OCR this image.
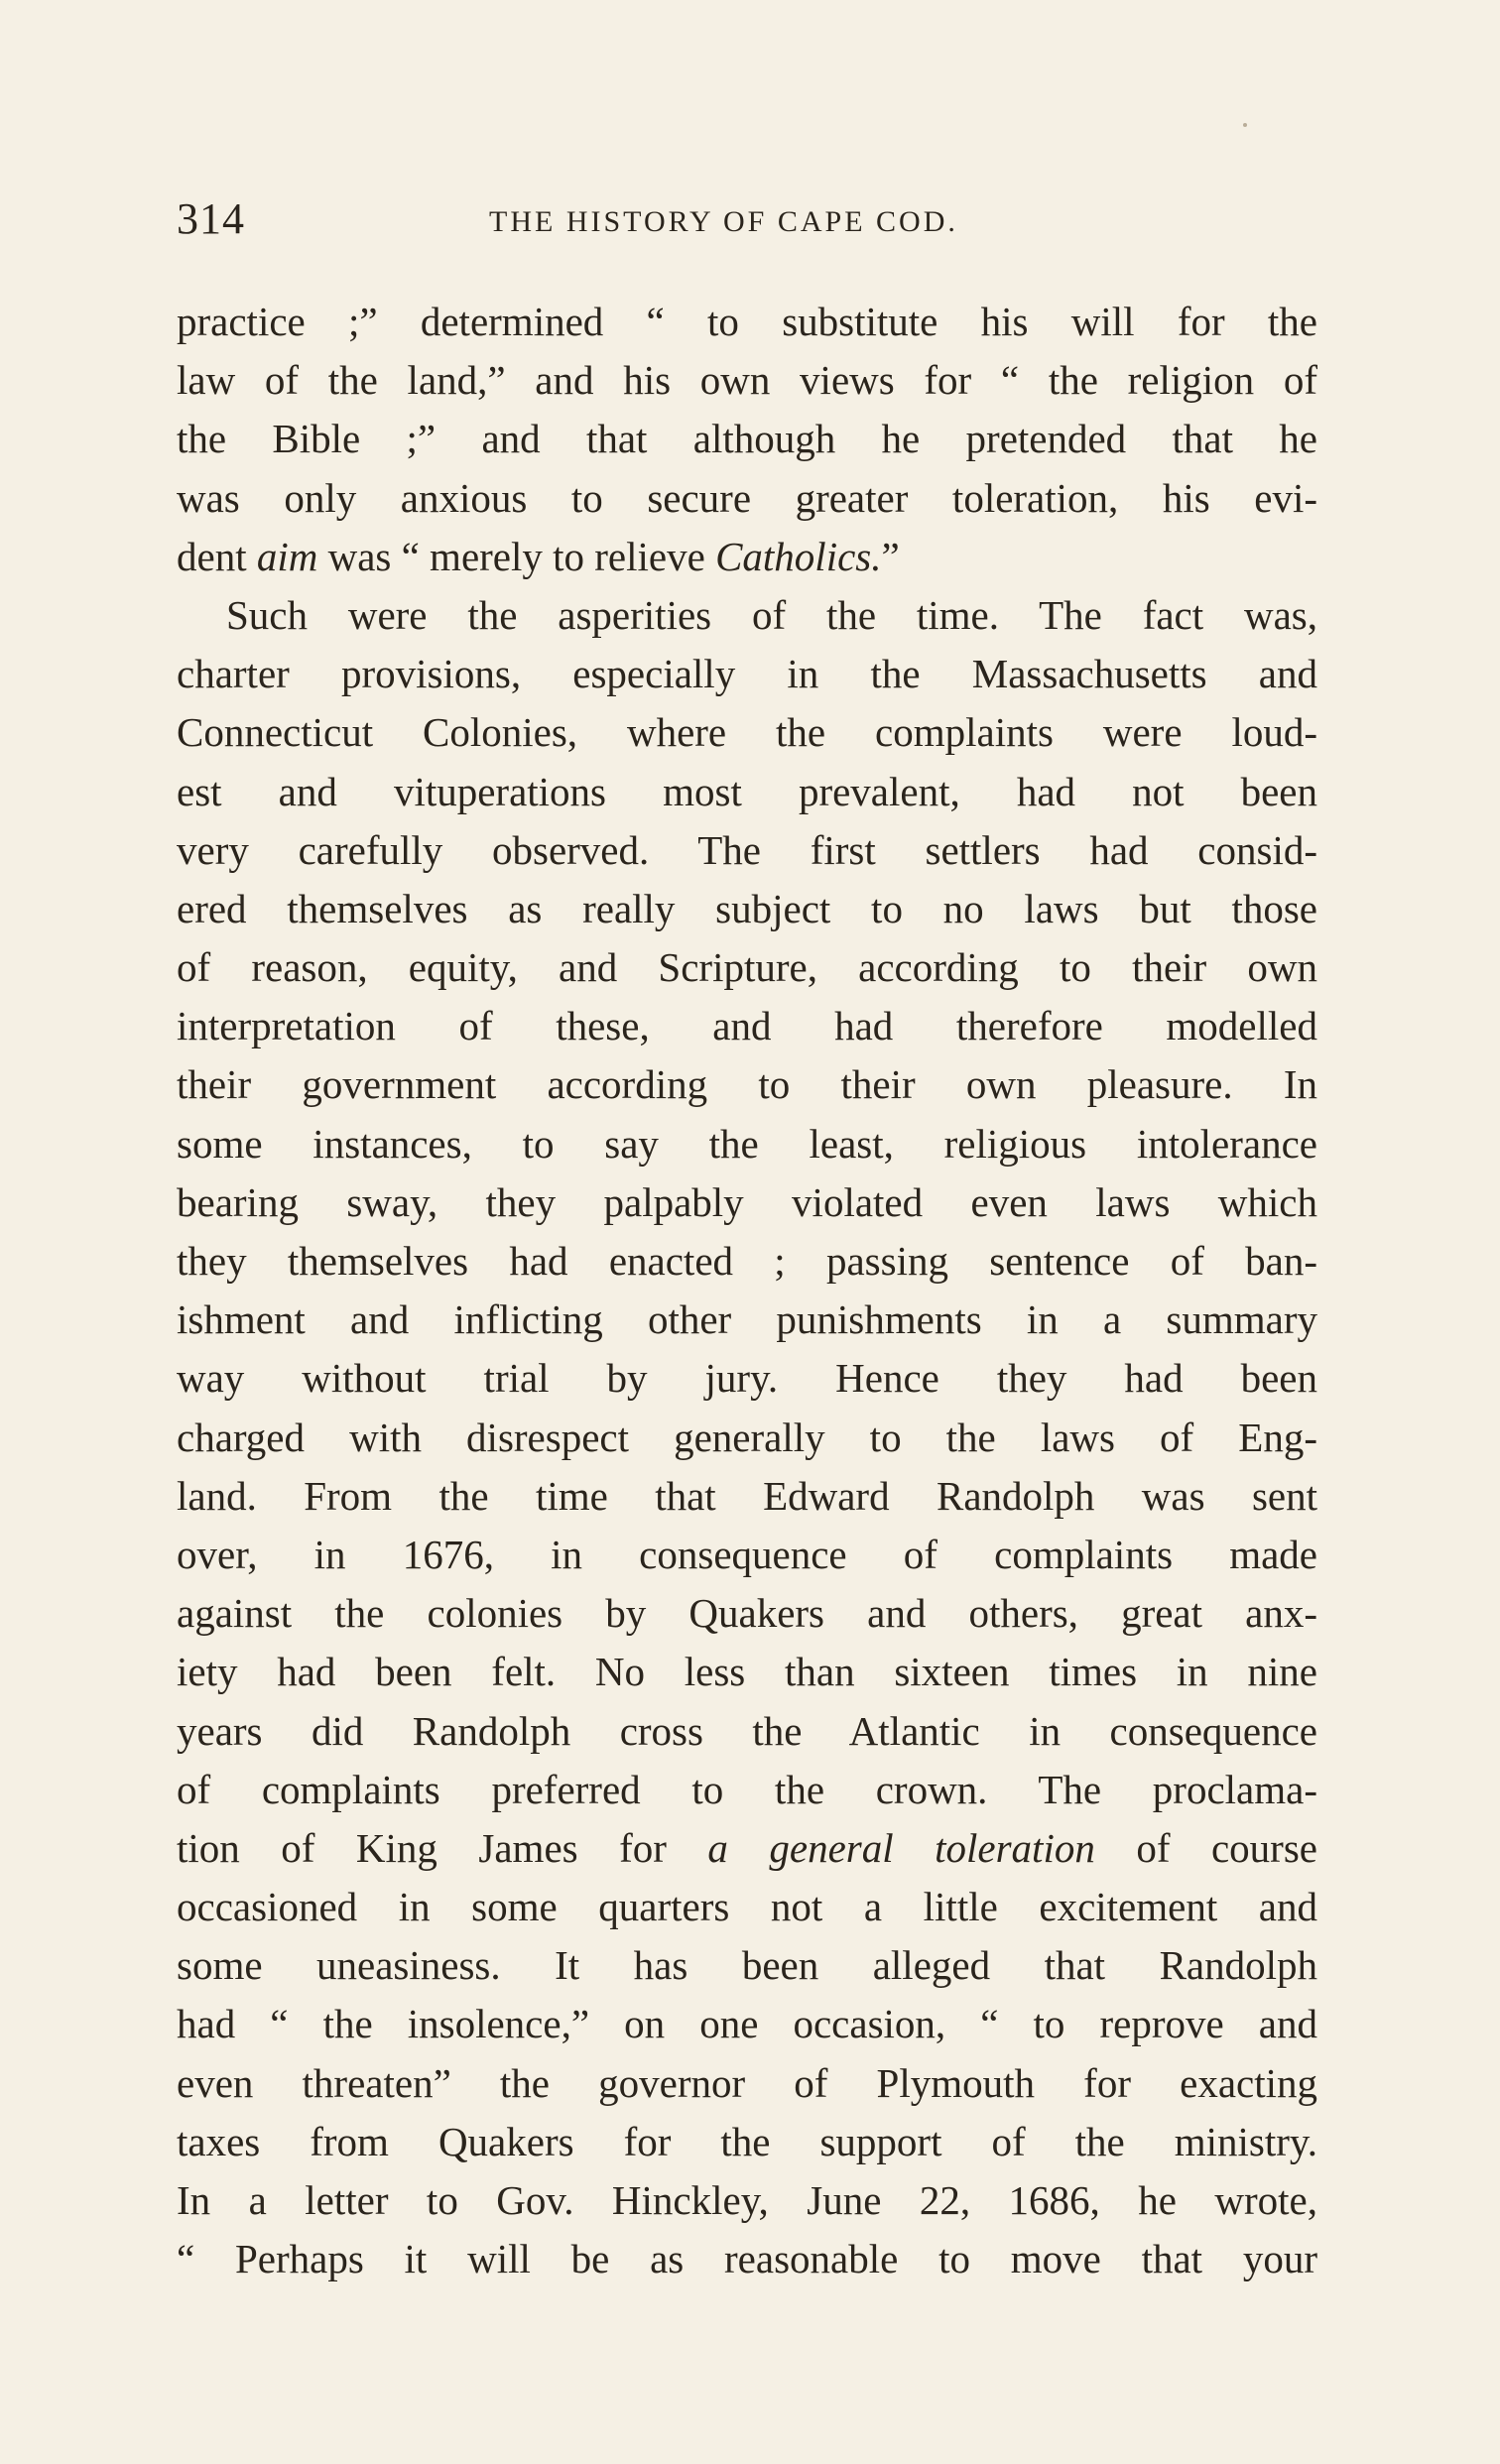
314	THE HISTORY OF CAPE COD.
practice ;” determined “ to substitute his will for the
law of the land,” and his own views for “ the religion of
the Bible ;” and that although he pretended that he
was only anxious to secure greater toleration, his evi-
dent aim was “ merely to relieve Catholics.”
Such were the asperities of the time. The fact was,
charter provisions, especially in the Massachusetts and
Connecticut Colonies, where the complaints were loud-
est and vituperations most prevalent, had not been
very carefully observed. The first settlers had consid-
ered themselves as really subject to no laws but those
of reason, equity, and Scripture, according to their own
interpretation of these, and had therefore modelled
their government according to their own pleasure. In
some instances, to say the least, religious intolerance
bearing sway, they palpably violated even laws which
they themselves had enacted ; passing sentence of ban-
ishment and inflicting other punishments in a summary
way without trial by jury. Hence they had been
charged with disrespect generally to the laws of Eng-
land. From the time that Edward Randolph was sent
over, in 1676, in consequence of complaints made
against the colonies by Quakers and others, great anx-
iety had been felt. No less than sixteen times in nine
years did Randolph cross the Atlantic in consequence
of complaints preferred to the crown. The proclama-
tion of King James for a general toleration of course
occasioned in some quarters not a little excitement and
some uneasiness. It has been alleged that Randolph
had “ the insolence,” on one occasion, “ to reprove and
even threaten” the governor of Plymouth for exacting
taxes from Quakers for the support of the ministry.
In a letter to Gov. Hinckley, June 22, 1686, he wrote,
“ Perhaps it will be as reasonable to move that your
